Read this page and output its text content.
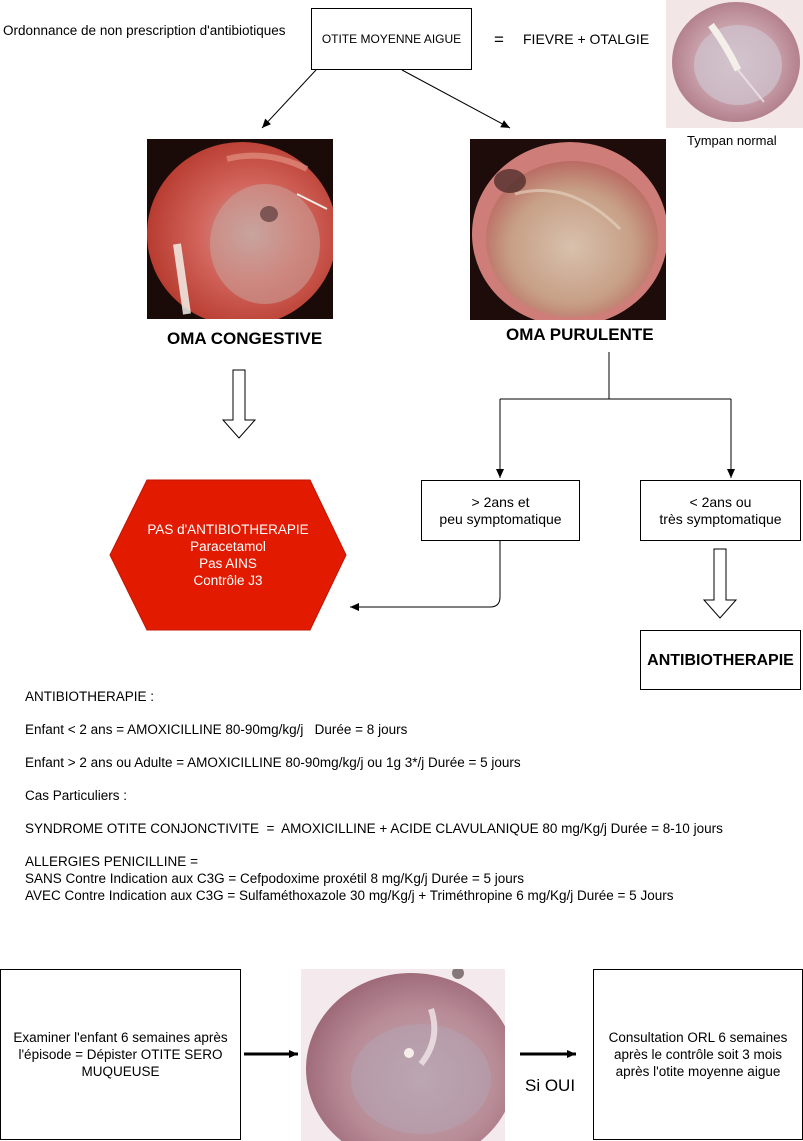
Ordonnance de non prescription d'antibiotiques
OTITE MOYENNE AIGUE = FIEVRE + OTALGIE
Tympan normal
OMA CONGESTIVE	OMA PURULENTE
PAS d'ANTIBIOTHERAPIE
Paracetamol
Pas AINS
Contrôle J3
> 2ans et
peu symptomatique
< 2ans ou
très symptomatique
ANTIBIOTHERAPIE
ANTIBIOTHERAPIE :
Enfant < 2 ans = AMOXICILLINE 80-90mg/kg/j   Durée = 8 jours
Enfant > 2 ans ou Adulte = AMOXICILLINE 80-90mg/kg/j ou 1g 3*/j Durée = 5 jours
Cas Particuliers :
SYNDROME OTITE CONJONCTIVITE  =  AMOXICILLINE + ACIDE CLAVULANIQUE 80 mg/Kg/j Durée = 8-10 jours
ALLERGIES PENICILLINE =
SANS Contre Indication aux C3G = Cefpodoxime proxétil 8 mg/Kg/j Durée = 5 jours
AVEC Contre Indication aux C3G = Sulfaméthoxazole 30 mg/Kg/j + Triméthropine 6 mg/Kg/j Durée = 5 Jours
Examiner l'enfant 6 semaines après
l'épisode = Dépister OTITE SERO
MUQUEUSE
Si OUI
Consultation ORL 6 semaines
après le contrôle soit 3 mois
après l'otite moyenne aigue
